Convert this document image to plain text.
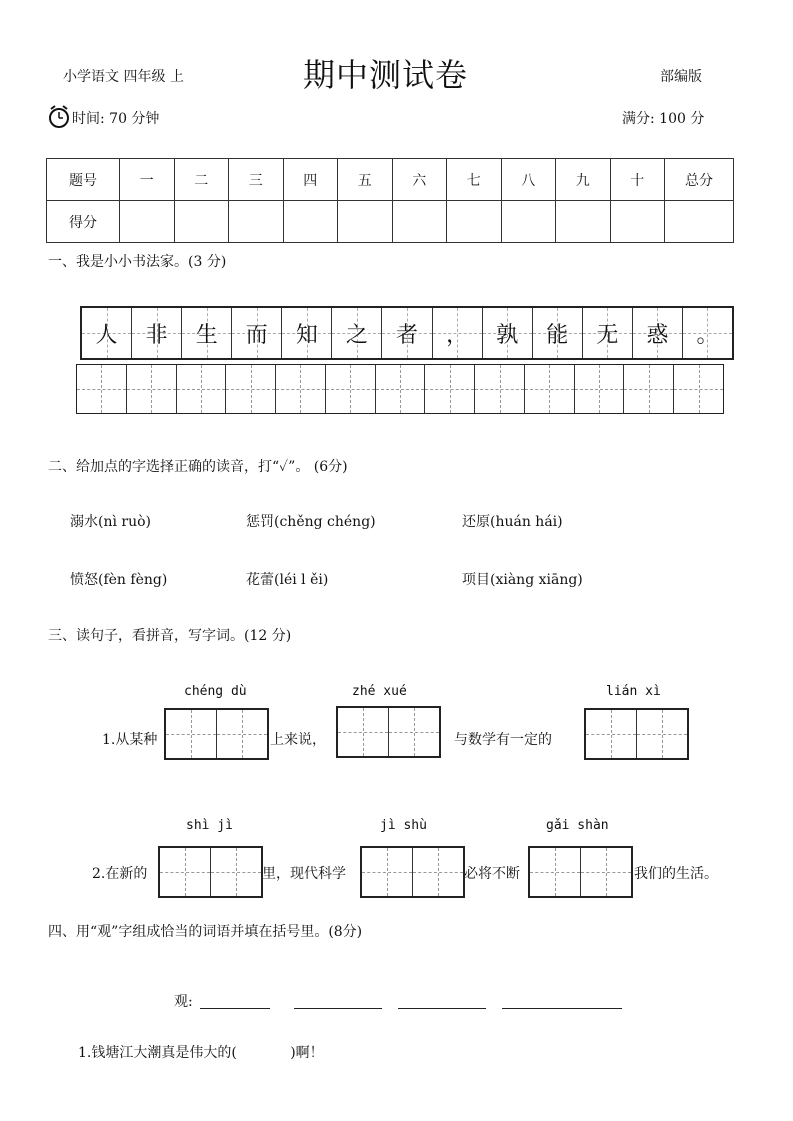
小学语文 四年级 上	期中测试卷	部编版
时间: 70 分钟	满分: 100 分
题号	一	二	三	四	五	六	七	八	九	十	总分
得分											
一、我是小小书法家。(3 分)
人 非 生 而 知 之 者 ， 孰 能 无 惑 。
二、给加点的字选择正确的读音，打“✓”。 (6分)
溺水(nì ruò)	惩罚(chěng chéng)	还原(huán hái)
愤怒(fèn fèng)	花蕾(léi l ěi)	项目(xiàng xiāng)
三、读句子，看拼音，写字词。(12 分)
chéng dù	zhé xué	lián xì
1.从某种	上来说，	与数学有一定的
shì jì	jì shù	gǎi shàn
2.在新的	里，现代科学	必将不断	我们的生活。
四、用“观”字组成恰当的词语并填在括号里。(8分)
观:
1.钱塘江大潮真是伟大的(            )啊！
